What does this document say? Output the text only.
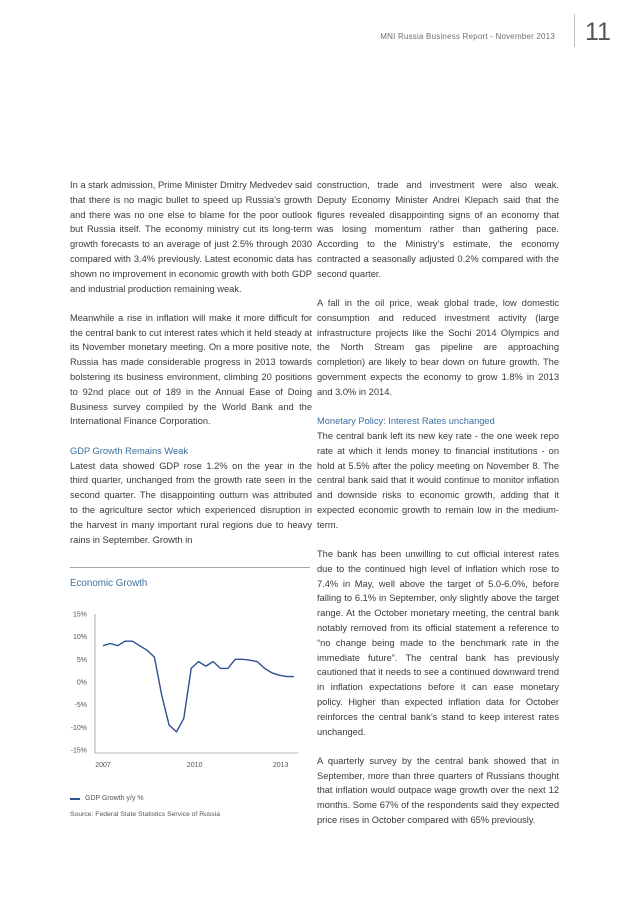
MNI Russia Business Report - November 2013 11

In a stark admission, Prime Minister Dmitry Medvedev said that there is no magic bullet to speed up Russia’s growth and there was no one else to blame for the poor outlook but Russia itself. The economy ministry cut its long-term growth forecasts to an average of just 2.5% through 2030 compared with 3.4% previously. Latest economic data has shown no improvement in economic growth with both GDP and industrial production remaining weak.

Meanwhile a rise in inflation will make it more difficult for the central bank to cut interest rates which it held steady at its November monetary meeting. On a more positive note, Russia has made considerable progress in 2013 towards bolstering its business environment, climbing 20 positions to 92nd place out of 189 in the Annual Ease of Doing Business survey compiled by the World Bank and the International Finance Corporation.

GDP Growth Remains Weak

Latest data showed GDP rose 1.2% on the year in the third quarter, unchanged from the growth rate seen in the second quarter. The disappointing outturn was attributed to the agriculture sector which experienced disruption in the harvest in many important rural regions due to heavy rains in September. Growth in

construction, trade and investment were also weak. Deputy Economy Minister Andrei Klepach said that the figures revealed disappointing signs of an economy that was losing momentum rather than gathering pace. According to the Ministry’s estimate, the economy contracted a seasonally adjusted 0.2% compared with the second quarter.

A fall in the oil price, weak global trade, low domestic consumption and reduced investment activity (large infrastructure projects like the Sochi 2014 Olympics and the North Stream gas pipeline are approaching completion) are likely to bear down on future growth. The government expects the economy to grow 1.8% in 2013 and 3.0% in 2014.

Monetary Policy: Interest Rates unchanged

The central bank left its new key rate - the one week repo rate at which it lends money to financial institutions - on hold at 5.5% after the policy meeting on November 8. The central bank said that it would continue to monitor inflation and downside risks to economic growth, adding that it expected economic growth to remain low in the medium-term.

The bank has been unwilling to cut official interest rates due to the continued high level of inflation which rose to 7.4% in May, well above the target of 5.0-6.0%, before falling to 6.1% in September, only slightly above the target range. At the October monetary meeting, the central bank notably removed from its official statement a reference to “no change being made to the benchmark rate in the immediate future”. The central bank has previously cautioned that it needs to see a continued downward trend in inflation expectations before it can ease monetary policy. Higher than expected inflation data for October reinforces the central bank’s stand to keep interest rates unchanged.

A quarterly survey by the central bank showed that in September, more than three quarters of Russians thought that inflation would outpace wage growth over the next 12 months. Some 67% of the respondents said they expected price rises in October compared with 65% previously.

Economic Growth
15%
10%
5%
0%
-5%
-10%
-15%
2007	2010	2013
GDP Growth y/y %
Source: Federal State Statistics Service of Russia
